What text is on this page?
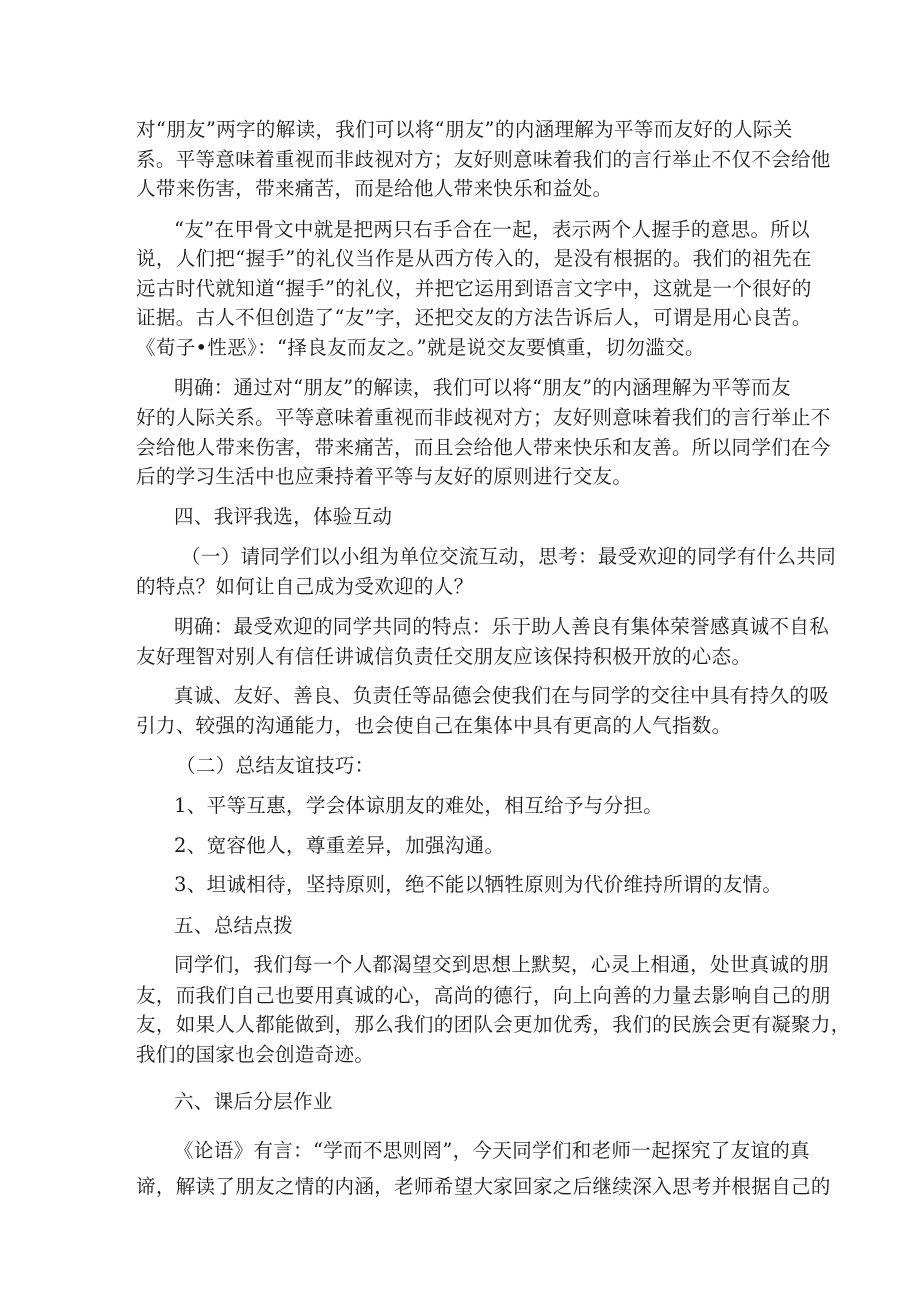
对“朋友”两字的解读，我们可以将“朋友”的内涵理解为平等而友好的人际关
系。平等意味着重视而非歧视对方；友好则意味着我们的言行举止不仅不会给他
人带来伤害，带来痛苦，而是给他人带来快乐和益处。
“友”在甲骨文中就是把两只右手合在一起，表示两个人握手的意思。所以
说，人们把“握手”的礼仪当作是从西方传入的，是没有根据的。我们的祖先在
远古时代就知道“握手”的礼仪，并把它运用到语言文字中，这就是一个很好的
证据。古人不但创造了“友”字，还把交友的方法告诉后人，可谓是用心良苦。
《荀子•性恶》：“择良友而友之。”就是说交友要慎重，切勿滥交。
明确：通过对“朋友”的解读，我们可以将“朋友”的内涵理解为平等而友
好的人际关系。平等意味着重视而非歧视对方；友好则意味着我们的言行举止不
会给他人带来伤害，带来痛苦，而且会给他人带来快乐和友善。所以同学们在今
后的学习生活中也应秉持着平等与友好的原则进行交友。
四、我评我选，体验互动
（一）请同学们以小组为单位交流互动，思考：最受欢迎的同学有什么共同
的特点？如何让自己成为受欢迎的人？
明确：最受欢迎的同学共同的特点：乐于助人善良有集体荣誉感真诚不自私
友好理智对别人有信任讲诚信负责任交朋友应该保持积极开放的心态。
真诚、友好、善良、负责任等品德会使我们在与同学的交往中具有持久的吸
引力、较强的沟通能力，也会使自己在集体中具有更高的人气指数。
（二）总结友谊技巧：
1、平等互惠，学会体谅朋友的难处，相互给予与分担。
2、宽容他人，尊重差异，加强沟通。
3、坦诚相待，坚持原则，绝不能以牺牲原则为代价维持所谓的友情。
五、总结点拨
同学们，我们每一个人都渴望交到思想上默契，心灵上相通，处世真诚的朋
友，而我们自己也要用真诚的心，高尚的德行，向上向善的力量去影响自己的朋
友，如果人人都能做到，那么我们的团队会更加优秀，我们的民族会更有凝聚力，
我们的国家也会创造奇迹。
六、课后分层作业
《论语》有言：“学而不思则罔”，今天同学们和老师一起探究了友谊的真
谛，解读了朋友之情的内涵，老师希望大家回家之后继续深入思考并根据自己的
